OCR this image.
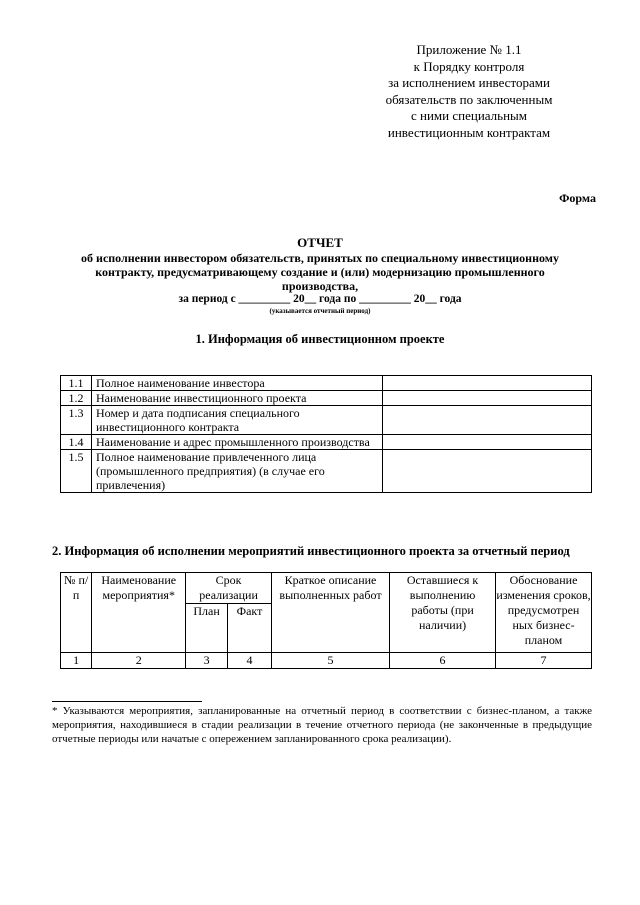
Приложение № 1.1
к Порядку контроля
за исполнением инвесторами
обязательств по заключенным
с ними специальным
инвестиционным контрактам
Форма
ОТЧЕТ
об исполнении инвестором обязательств, принятых по специальному инвестиционному
контракту, предусматривающему создание и (или) модернизацию промышленного
производства,
за период с _________ 20__ года по _________ 20__ года
(указывается отчетный период)
1. Информация об инвестиционном проекте
1.1	Полное наименование инвестора	
1.2	Наименование инвестиционного проекта	
1.3	Номер и дата подписания специального инвестиционного контракта	
1.4	Наименование и адрес промышленного производства	
1.5	Полное наименование привлеченного лица (промышленного предприятия) (в случае его привлечения)	
2. Информация об исполнении мероприятий инвестиционного проекта за отчетный период
№ п/п	Наименование мероприятия*	Срок реализации		Краткое описание выполненных работ	Оставшиеся к выполнению работы (при наличии)	Обоснование изменения сроков, предусмотрен ных бизнес-планом
		План	Факт			
1	2	3	4	5	6	7
* Указываются мероприятия, запланированные на отчетный период в соответствии с бизнес-планом, а также мероприятия, находившиеся в стадии реализации в течение отчетного периода (не законченные в предыдущие отчетные периоды или начатые с опережением запланированного срока реализации).
